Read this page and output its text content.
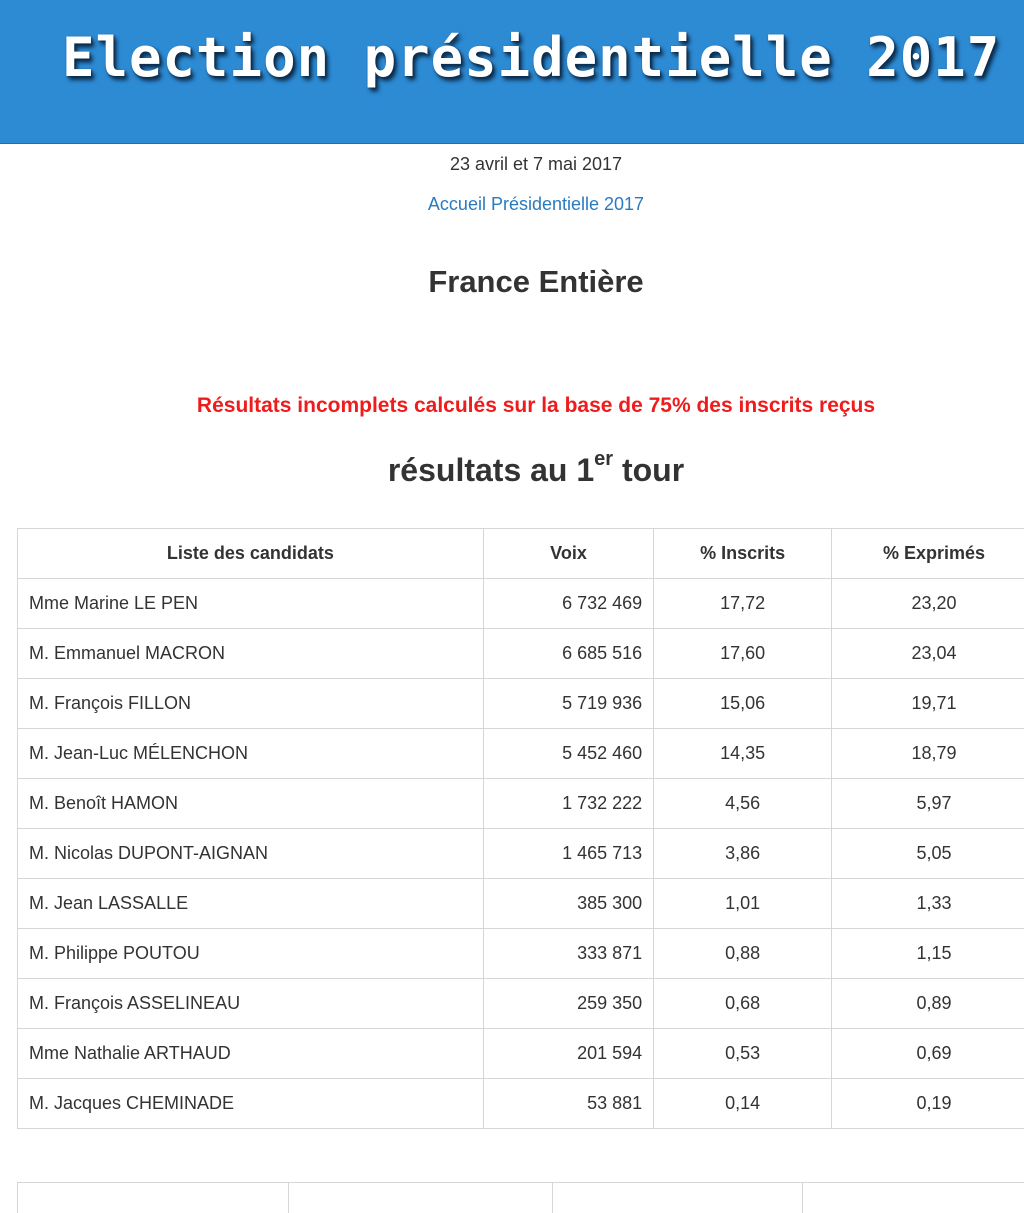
Election présidentielle 2017
23 avril et 7 mai 2017
Accueil Présidentielle 2017
France Entière
Résultats incomplets calculés sur la base de 75% des inscrits reçus
résultats au 1er tour
Liste des candidats	Voix	% Inscrits	% Exprimés
Mme Marine LE PEN	6 732 469	17,72	23,20
M. Emmanuel MACRON	6 685 516	17,60	23,04
M. François FILLON	5 719 936	15,06	19,71
M. Jean-Luc MÉLENCHON	5 452 460	14,35	18,79
M. Benoît HAMON	1 732 222	4,56	5,97
M. Nicolas DUPONT-AIGNAN	1 465 713	3,86	5,05
M. Jean LASSALLE	385 300	1,01	1,33
M. Philippe POUTOU	333 871	0,88	1,15
M. François ASSELINEAU	259 350	0,68	0,89
Mme Nathalie ARTHAUD	201 594	0,53	0,69
M. Jacques CHEMINADE	53 881	0,14	0,19
